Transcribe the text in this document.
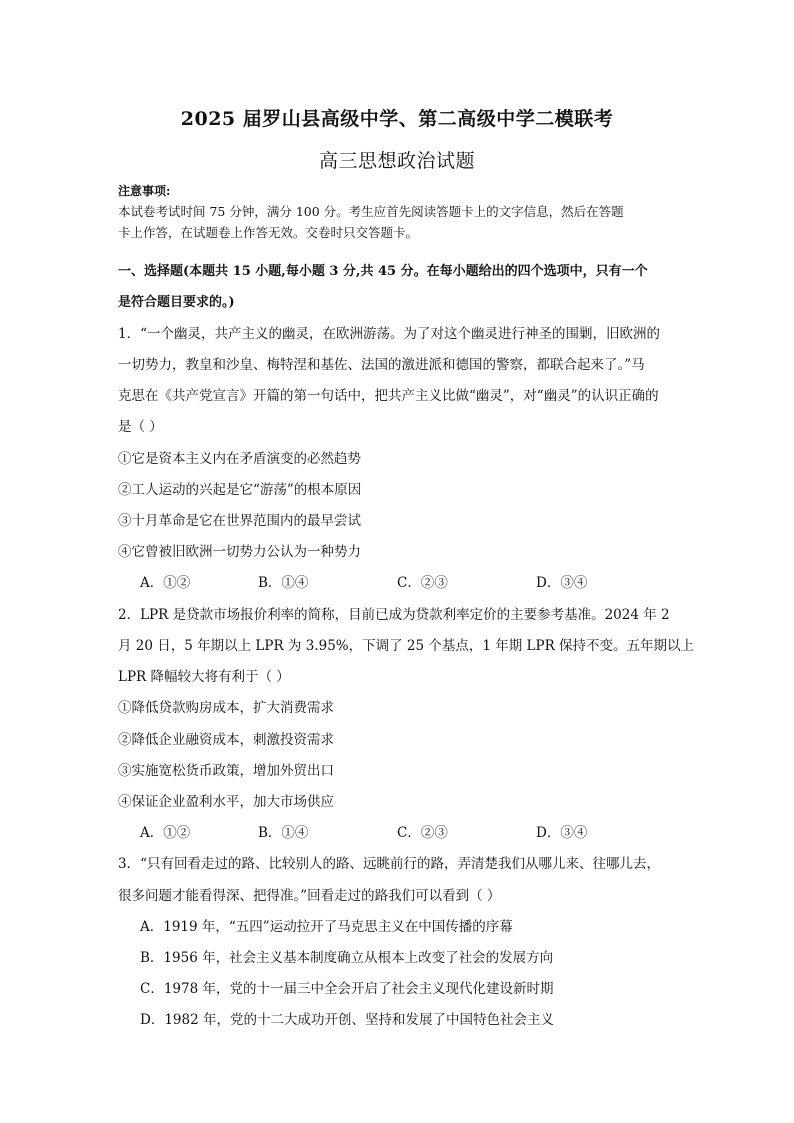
2025 届罗山县高级中学、第二高级中学二模联考
高三思想政治试题
注意事项:
本试卷考试时间 75 分钟，满分 100 分。考生应首先阅读答题卡上的文字信息，然后在答题
卡上作答，在试题卷上作答无效。交卷时只交答题卡。
一、选择题(本题共 15 小题,每小题 3 分,共 45 分。在每小题给出的四个选项中，只有一个
是符合题目要求的。)
1．“一个幽灵，共产主义的幽灵，在欧洲游荡。为了对这个幽灵进行神圣的围剿，旧欧洲的
一切势力，教皇和沙皇、梅特涅和基佐、法国的激进派和德国的警察，都联合起来了。”马
克思在《共产党宣言》开篇的第一句话中，把共产主义比做“幽灵”，对“幽灵”的认识正确的
是（ ）
①它是资本主义内在矛盾演变的必然趋势
②工人运动的兴起是它“游荡”的根本原因
③十月革命是它在世界范围内的最早尝试
④它曾被旧欧洲一切势力公认为一种势力
A．①②	B．①④	C．②③	D．③④
2．LPR 是贷款市场报价利率的简称，目前已成为贷款利率定价的主要参考基准。2024 年 2
月 20 日，5 年期以上 LPR 为 3.95%，下调了 25 个基点，1 年期 LPR 保持不变。五年期以上
LPR 降幅较大将有利于（ ）
①降低贷款购房成本，扩大消费需求
②降低企业融资成本，刺激投资需求
③实施宽松货币政策，增加外贸出口
④保证企业盈利水平，加大市场供应
A．①②	B．①④	C．②③	D．③④
3．“只有回看走过的路、比较别人的路、远眺前行的路，弄清楚我们从哪儿来、往哪儿去，
很多问题才能看得深、把得准。”回看走过的路我们可以看到（ ）
A．1919 年，“五四”运动拉开了马克思主义在中国传播的序幕
B．1956 年，社会主义基本制度确立从根本上改变了社会的发展方向
C．1978 年，党的十一届三中全会开启了社会主义现代化建设新时期
D．1982 年，党的十二大成功开创、坚持和发展了中国特色社会主义
